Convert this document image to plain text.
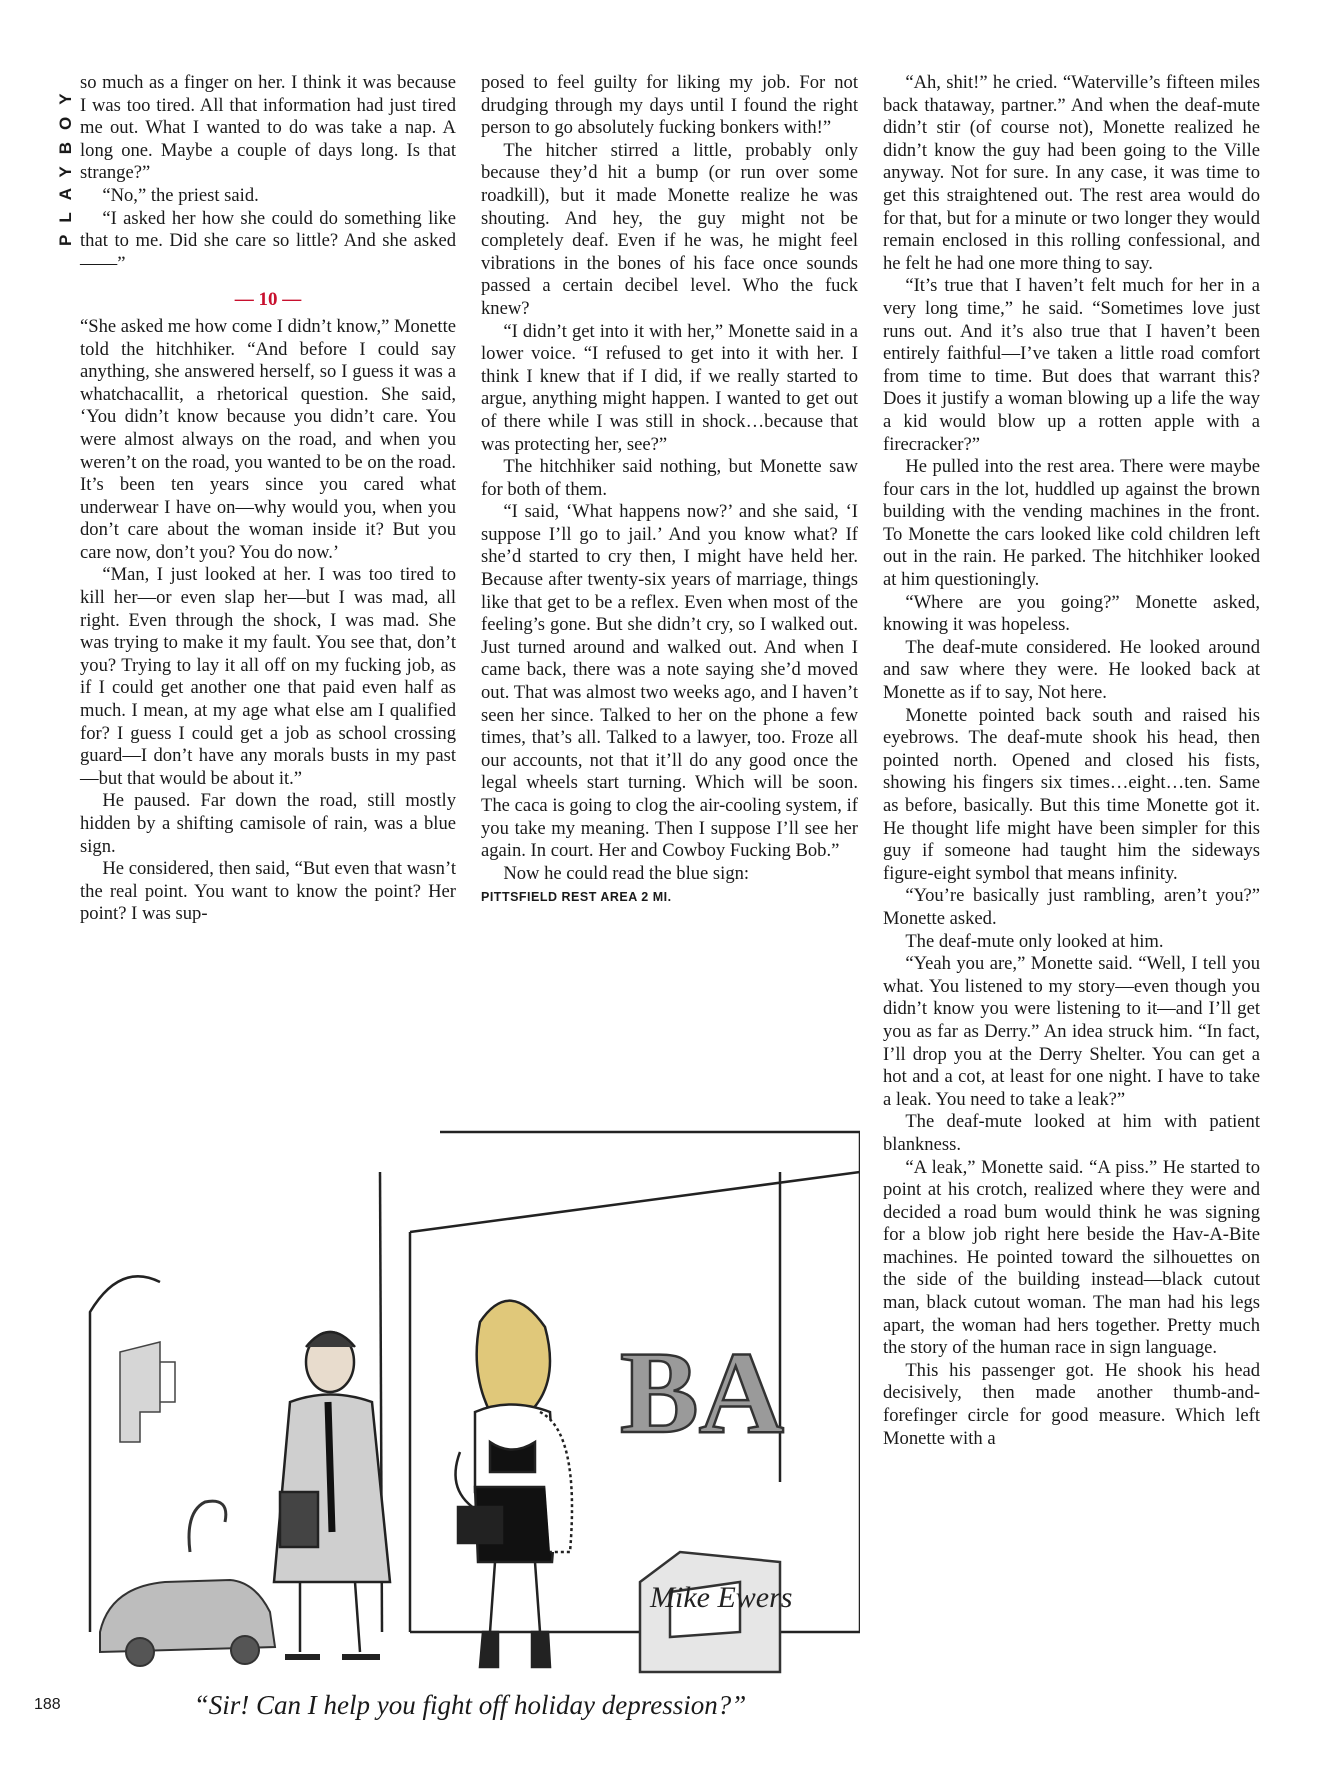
PLAYBOY so much as a finger on her. I think it was because I was too tired. All that information had just tired me out. What I wanted to do was take a nap. A long one. Maybe a couple of days long. Is that strange?”

“No,” the priest said.

“I asked her how she could do something like that to me. Did she care so little? And she asked——”

— 10 —

“She asked me how come I didn’t know,” Monette told the hitchhiker. “And before I could say anything, she answered herself, so I guess it was a whatchacallit, a rhetorical question. She said, ‘You didn’t know because you didn’t care. You were almost always on the road, and when you weren’t on the road, you wanted to be on the road. It’s been ten years since you cared what underwear I have on—why would you, when you don’t care about the woman inside it? But you care now, don’t you? You do now.’

“Man, I just looked at her. I was too tired to kill her—or even slap her—but I was mad, all right. Even through the shock, I was mad. She was trying to make it my fault. You see that, don’t you? Trying to lay it all off on my fucking job, as if I could get another one that paid even half as much. I mean, at my age what else am I qualified for? I guess I could get a job as school crossing guard—I don’t have any morals busts in my past—but that would be about it.”

He paused. Far down the road, still mostly hidden by a shifting camisole of rain, was a blue sign.

He considered, then said, “But even that wasn’t the real point. You want to know the point? Her point? I was sup-

posed to feel guilty for liking my job. For not drudging through my days until I found the right person to go absolutely fucking bonkers with!”

The hitcher stirred a little, probably only because they’d hit a bump (or run over some roadkill), but it made Monette realize he was shouting. And hey, the guy might not be completely deaf. Even if he was, he might feel vibrations in the bones of his face once sounds passed a certain decibel level. Who the fuck knew?

“I didn’t get into it with her,” Monette said in a lower voice. “I refused to get into it with her. I think I knew that if I did, if we really started to argue, anything might happen. I wanted to get out of there while I was still in shock…because that was protecting her, see?”

The hitchhiker said nothing, but Monette saw for both of them.

“I said, ‘What happens now?’ and she said, ‘I suppose I’ll go to jail.’ And you know what? If she’d started to cry then, I might have held her. Because after twenty-six years of marriage, things like that get to be a reflex. Even when most of the feeling’s gone. But she didn’t cry, so I walked out. Just turned around and walked out. And when I came back, there was a note saying she’d moved out. That was almost two weeks ago, and I haven’t seen her since. Talked to her on the phone a few times, that’s all. Talked to a lawyer, too. Froze all our accounts, not that it’ll do any good once the legal wheels start turning. Which will be soon. The caca is going to clog the air-cooling system, if you take my meaning. Then I suppose I’ll see her again. In court. Her and Cowboy Fucking Bob.”

Now he could read the blue sign:

PITTSFIELD REST AREA 2 MI.

“Ah, shit!” he cried. “Waterville’s fifteen miles back thataway, partner.” And when the deaf-mute didn’t stir (of course not), Monette realized he didn’t know the guy had been going to the Ville anyway. Not for sure. In any case, it was time to get this straightened out. The rest area would do for that, but for a minute or two longer they would remain enclosed in this rolling confessional, and he felt he had one more thing to say.

“It’s true that I haven’t felt much for her in a very long time,” he said. “Sometimes love just runs out. And it’s also true that I haven’t been entirely faithful—I’ve taken a little road comfort from time to time. But does that warrant this? Does it justify a woman blowing up a life the way a kid would blow up a rotten apple with a firecracker?”

He pulled into the rest area. There were maybe four cars in the lot, huddled up against the brown building with the vending machines in the front. To Monette the cars looked like cold children left out in the rain. He parked. The hitchhiker looked at him questioningly.

“Where are you going?” Monette asked, knowing it was hopeless.

The deaf-mute considered. He looked around and saw where they were. He looked back at Monette as if to say, Not here.

Monette pointed back south and raised his eyebrows. The deaf-mute shook his head, then pointed north. Opened and closed his fists, showing his fingers six times…eight…ten. Same as before, basically. But this time Monette got it. He thought life might have been simpler for this guy if someone had taught him the sideways figure-eight symbol that means infinity.

“You’re basically just rambling, aren’t you?” Monette asked.

The deaf-mute only looked at him.

“Yeah you are,” Monette said. “Well, I tell you what. You listened to my story—even though you didn’t know you were listening to it—and I’ll get you as far as Derry.” An idea struck him. “In fact, I’ll drop you at the Derry Shelter. You can get a hot and a cot, at least for one night. I have to take a leak. You need to take a leak?”

The deaf-mute looked at him with patient blankness.

“A leak,” Monette said. “A piss.” He started to point at his crotch, realized where they were and decided a road bum would think he was signing for a blow job right here beside the Hav-A-Bite machines. He pointed toward the silhouettes on the side of the building instead—black cutout man, black cutout woman. The man had his legs apart, the woman had hers together. Pretty much the story of the human race in sign language.

This his passenger got. He shook his head decisively, then made another thumb-and-forefinger circle for good measure. Which left Monette with a

BA
Mike Ewers
“Sir! Can I help you fight off holiday depression?”
188
